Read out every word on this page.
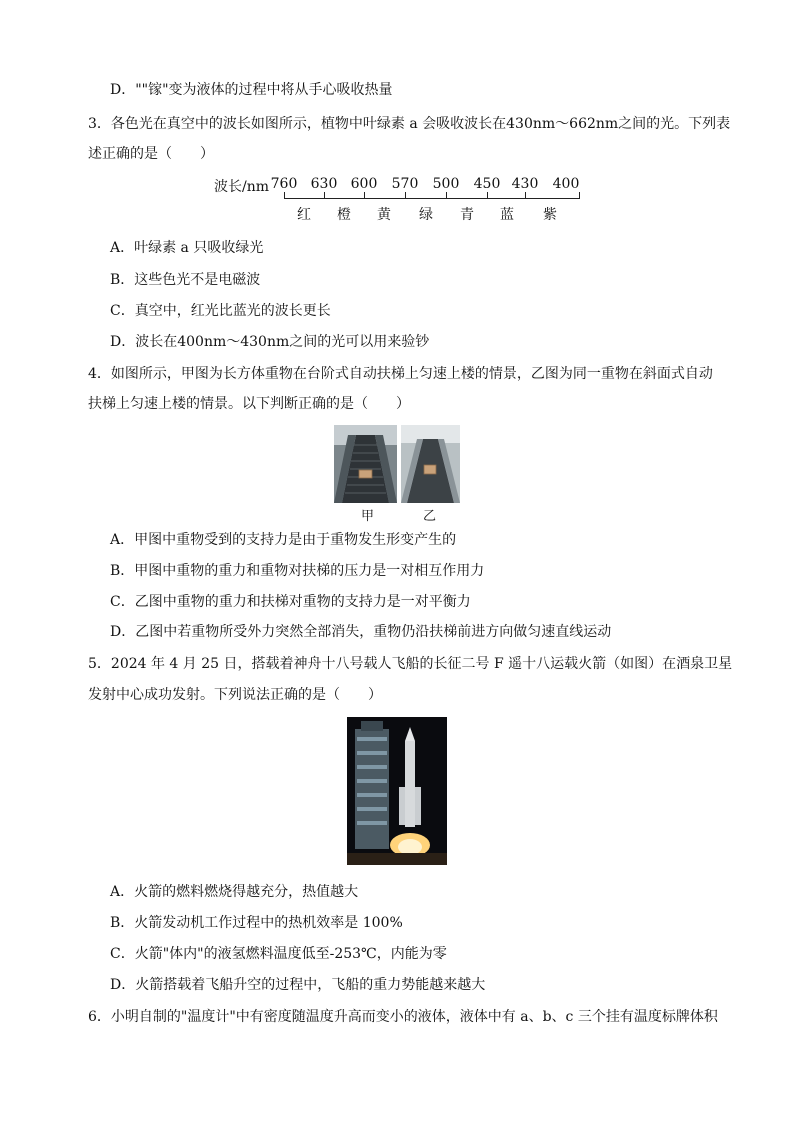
D．""镓"变为液体的过程中将从手心吸收热量
3．各色光在真空中的波长如图所示，植物中叶绿素 a 会吸收波长在430nm～662nm之间的光。下列表
述正确的是（　　）
波长/nm 760 630 600 570 500 450 430 400
红 橙 黄 绿 青 蓝 紫
A．叶绿素 a 只吸收绿光
B．这些色光不是电磁波
C．真空中，红光比蓝光的波长更长
D．波长在400nm～430nm之间的光可以用来验钞
4．如图所示，甲图为长方体重物在台阶式自动扶梯上匀速上楼的情景，乙图为同一重物在斜面式自动
扶梯上匀速上楼的情景。以下判断正确的是（　　）
甲	乙
A．甲图中重物受到的支持力是由于重物发生形变产生的
B．甲图中重物的重力和重物对扶梯的压力是一对相互作用力
C．乙图中重物的重力和扶梯对重物的支持力是一对平衡力
D．乙图中若重物所受外力突然全部消失，重物仍沿扶梯前进方向做匀速直线运动
5．2024 年 4 月 25 日，搭载着神舟十八号载人飞船的长征二号 F 遥十八运载火箭（如图）在酒泉卫星
发射中心成功发射。下列说法正确的是（　　）
A．火箭的燃料燃烧得越充分，热值越大
B．火箭发动机工作过程中的热机效率是 100%
C．火箭"体内"的液氢燃料温度低至-253℃，内能为零
D．火箭搭载着飞船升空的过程中，飞船的重力势能越来越大
6．小明自制的"温度计"中有密度随温度升高而变小的液体，液体中有 a、b、c 三个挂有温度标牌体积
